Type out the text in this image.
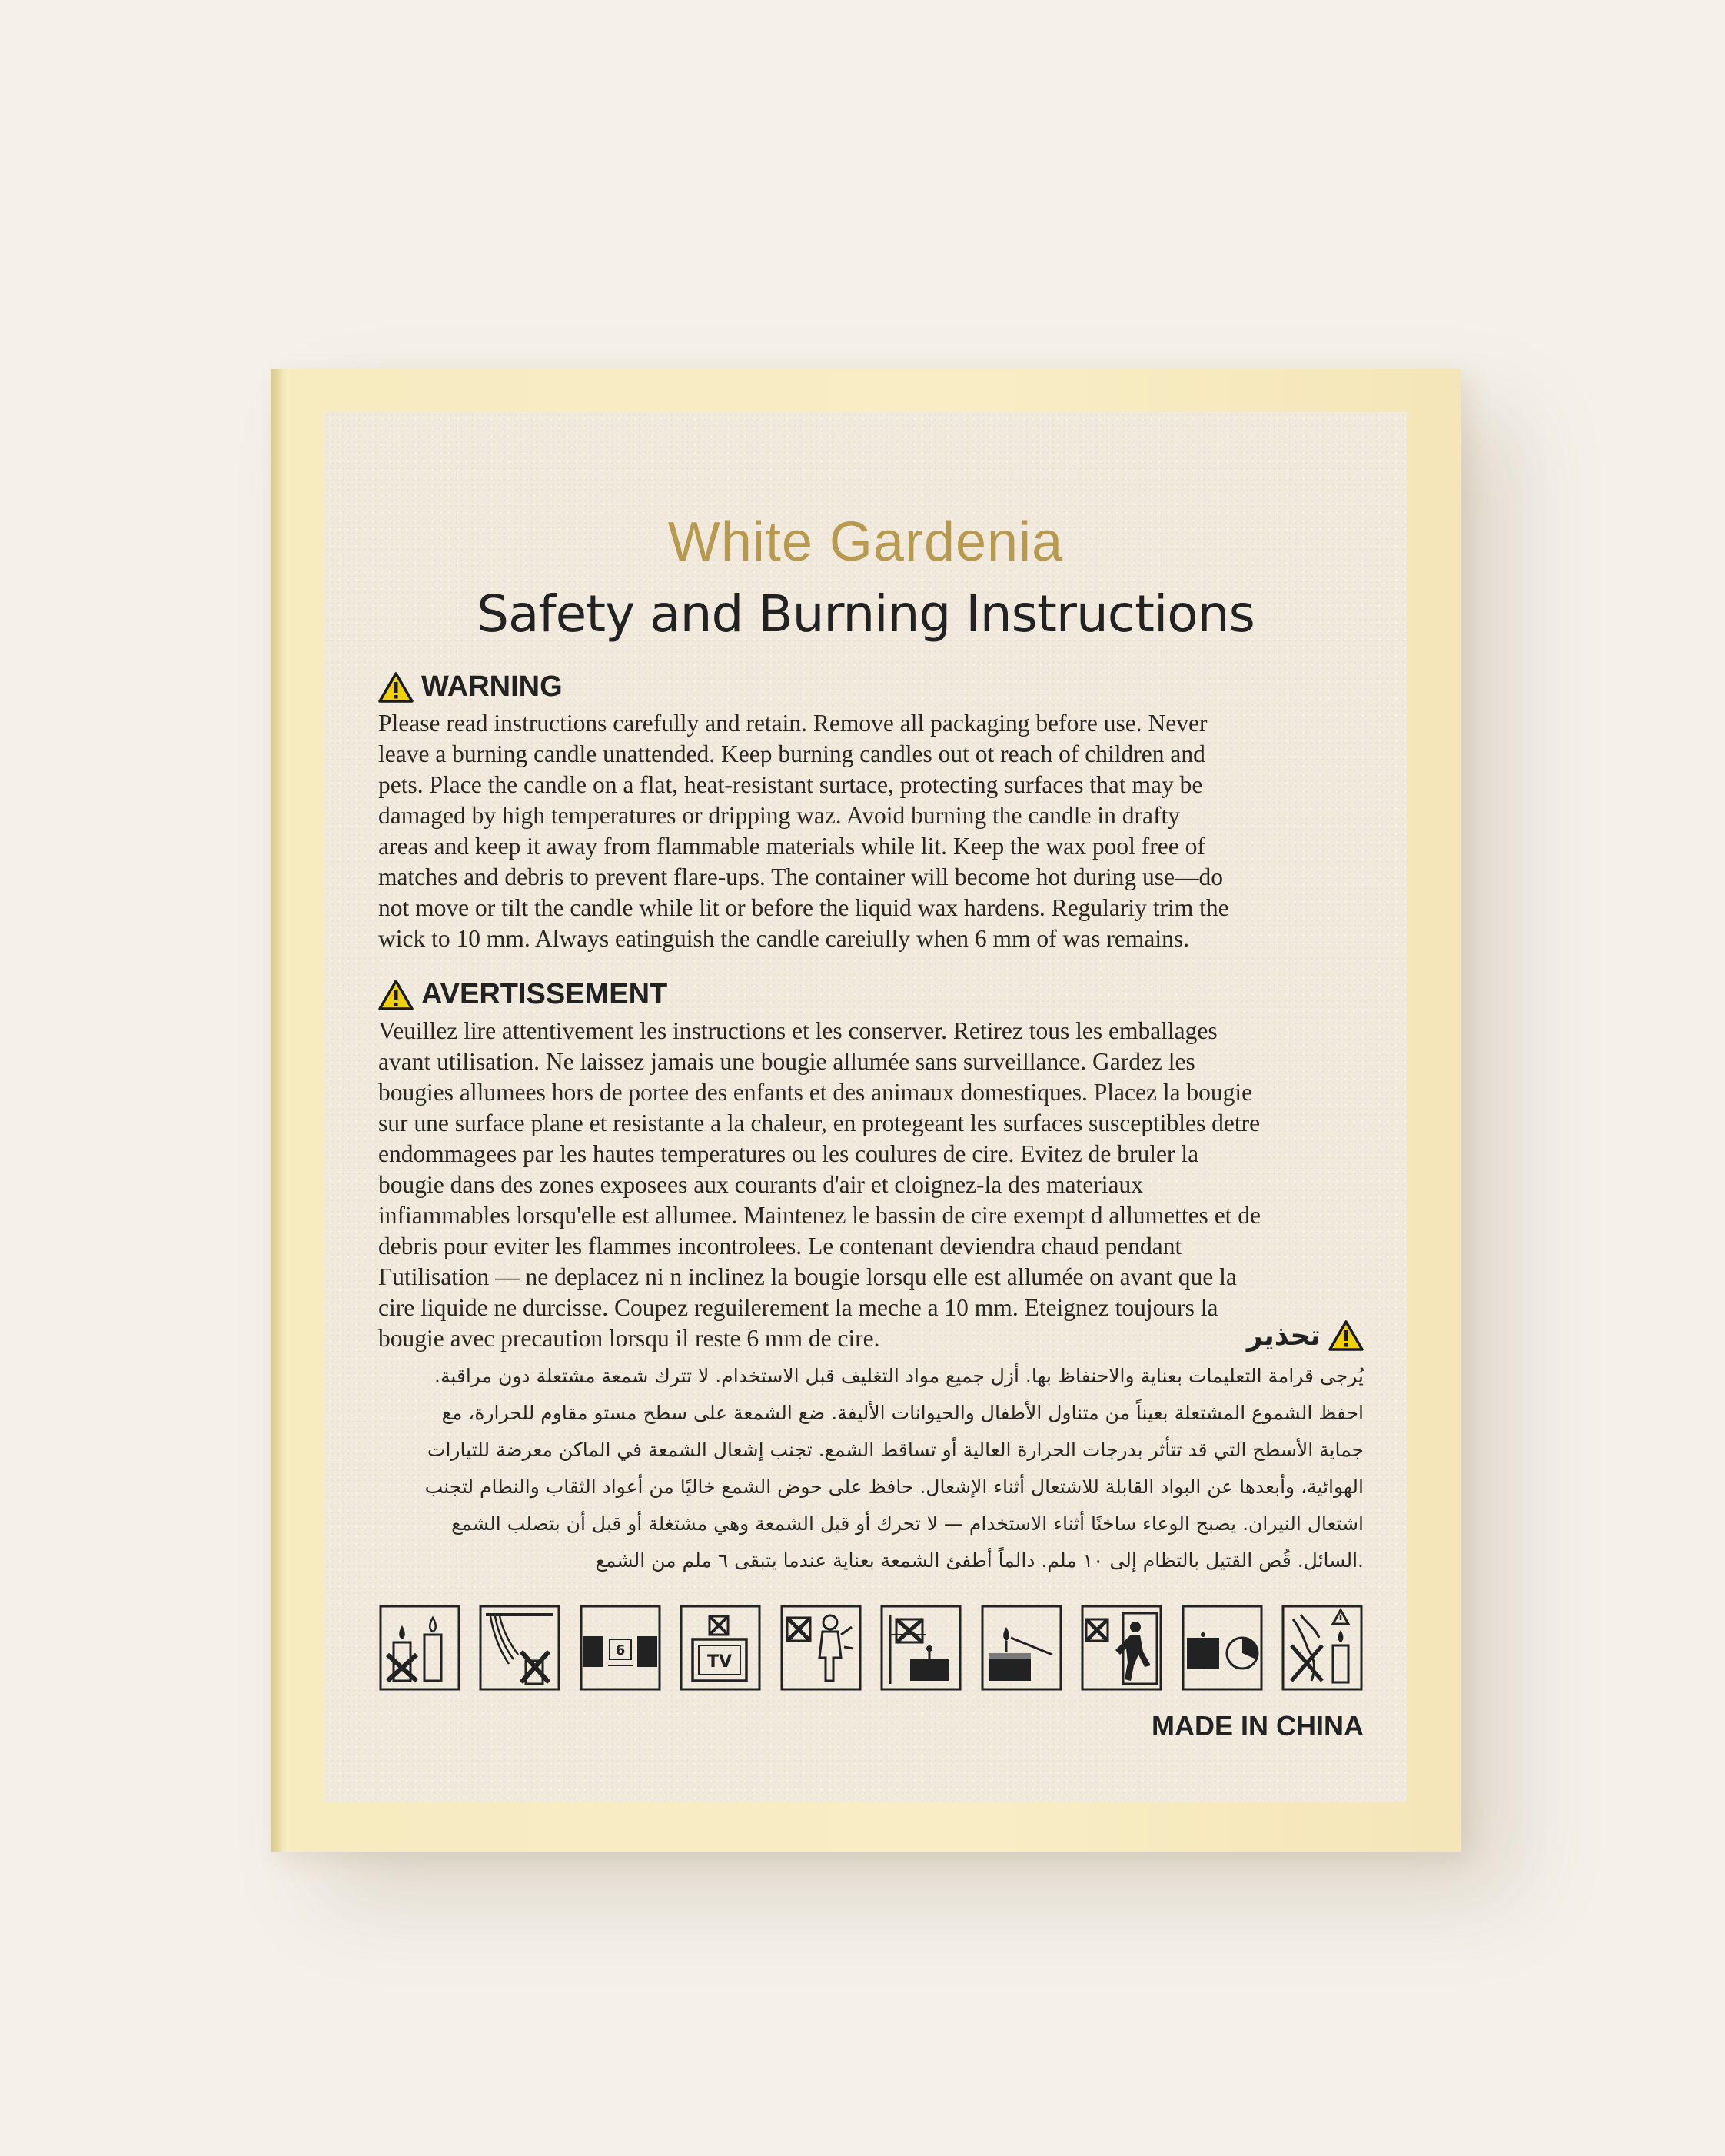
White Gardenia
Safety and Burning Instructions
WARNING
Please read instructions carefully and retain. Remove all packaging before use. Never
leave a burning candle unattended. Keep burning candles out ot reach of children and
pets. Place the candle on a flat, heat-resistant surtace, protecting surfaces that may be
damaged by high temperatures or dripping waz. Avoid burning the candle in drafty
areas and keep it away from flammable materials while lit. Keep the wax pool free of
matches and debris to prevent flare-ups. The container will become hot during use—do
not move or tilt the candle while lit or before the liquid wax hardens. Regulariy trim the
wick to 10 mm. Always eatinguish the candle careiully when 6 mm of was remains.
AVERTISSEMENT
Veuillez lire attentivement les instructions et les conserver. Retirez tous les emballages
avant utilisation. Ne laissez jamais une bougie allumée sans surveillance. Gardez les
bougies allumees hors de portee des enfants et des animaux domestiques. Placez la bougie
sur une surface plane et resistante a la chaleur, en protegeant les surfaces susceptibles detre
endommagees par les hautes temperatures ou les coulures de cire. Evitez de bruler la
bougie dans des zones exposees aux courants d'air et cloignez-la des materiaux
infiammables lorsqu'elle est allumee. Maintenez le bassin de cire exempt d allumettes et de
debris pour eviter les flammes incontrolees. Le contenant deviendra chaud pendant
Γutilisation — ne deplacez ni n inclinez la bougie lorsqu elle est allumée on avant que la
cire liquide ne durcisse. Coupez reguilerement la meche a 10 mm. Eteignez toujours la
bougie avec precaution lorsqu il reste 6 mm de cire.	تحذير
يُرجى قرامة التعليمات بعناية والاحنفاظ بها. أزل جميع مواد التغليف قبل الاستخدام. لا تترك شمعة مشتعلة دون مراقبة.
احفظ الشموع المشتعلة بعيناً من متناول الأطفال والحيوانات الأليفة. ضع الشمعة على سطح مستو مقاوم للحرارة، مع
جماية الأسطح التي قد تتأثر بدرجات الحرارة العالية أو تساقط الشمع. تجنب إشعال الشمعة في الماكن معرضة للتيارات
الهوائية، وأبعدها عن البواد القابلة للاشتعال أثناء الإشعال. حافظ على حوض الشمع خاليًا من أعواد الثقاب والنطام لتجنب
اشتعال النيران. يصبح الوعاء ساخنًا أثناء الاستخدام — لا تحرك أو قيل الشمعة وهي مشتغلة أو قبل أن بتصلب الشمع
.السائل. قُص القتيل بالتظام إلى ١٠ ملم. دالماً أطفئ الشمعة بعناية عندما يتبقى ٦ ملم من الشمع
6
TV
MADE IN CHINA
